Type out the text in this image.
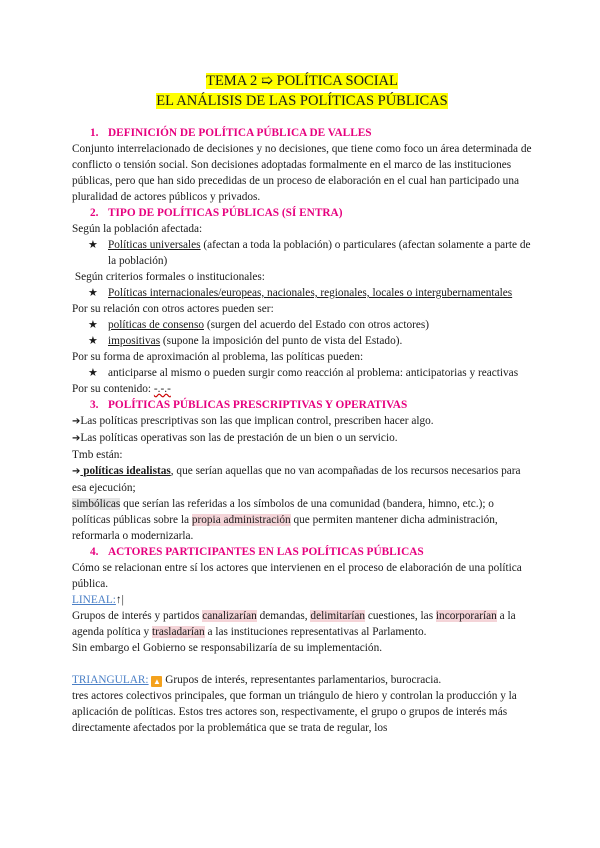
TEMA 2 ➯ POLÍTICA SOCIAL
EL ANÁLISIS DE LAS POLÍTICAS PÚBLICAS

1. DEFINICIÓN DE POLÍTICA PÚBLICA DE VALLES

Conjunto interrelacionado de decisiones y no decisiones, que tiene como foco un área determinada de conflicto o tensión social. Son decisiones adoptadas formalmente en el marco de las instituciones públicas, pero que han sido precedidas de un proceso de elaboración en el cual han participado una pluralidad de actores públicos y privados.

2. TIPO DE POLÍTICAS PÚBLICAS (SÍ ENTRA)

Según la población afectada:

★ Políticas universales (afectan a toda la población) o particulares (afectan solamente a parte de la población)

Según criterios formales o institucionales:

★ Políticas internacionales/europeas, nacionales, regionales, locales o intergubernamentales

Por su relación con otros actores pueden ser:

★ políticas de consenso (surgen del acuerdo del Estado con otros actores)

★ impositivas (supone la imposición del punto de vista del Estado).

Por su forma de aproximación al problema, las políticas pueden:

★ anticiparse al mismo o pueden surgir como reacción al problema: anticipatorias y reactivas

Por su contenido: -.-.-

3. POLÍTICAS PÚBLICAS PRESCRIPTIVAS Y OPERATIVAS

➔Las políticas prescriptivas son las que implican control, prescriben hacer algo.

➔Las políticas operativas son las de prestación de un bien o un servicio.

Tmb están:

➔ políticas idealistas, que serían aquellas que no van acompañadas de los recursos necesarios para esa ejecución;

simbólicas que serían las referidas a los símbolos de una comunidad (bandera, himno, etc.); o políticas públicas sobre la propia administración que permiten mantener dicha administración, reformarla o modernizarla.

4. ACTORES PARTICIPANTES EN LAS POLÍTICAS PÚBLICAS

Cómo se relacionan entre sí los actores que intervienen en el proceso de elaboración de una política pública.

LINEAL:↑|

Grupos de interés y partidos canalizarían demandas, delimitarían cuestiones, las incorporarían a la agenda política y trasladarían a las instituciones representativas al Parlamento.

Sin embargo el Gobierno se responsabilizaría de su implementación.

TRIANGULAR: ▲ Grupos de interés, representantes parlamentarios, burocracia.

tres actores colectivos principales, que forman un triángulo de hiero y controlan la producción y la aplicación de políticas. Estos tres actores son, respectivamente, el grupo o grupos de interés más directamente afectados por la problemática que se trata de regular, los
